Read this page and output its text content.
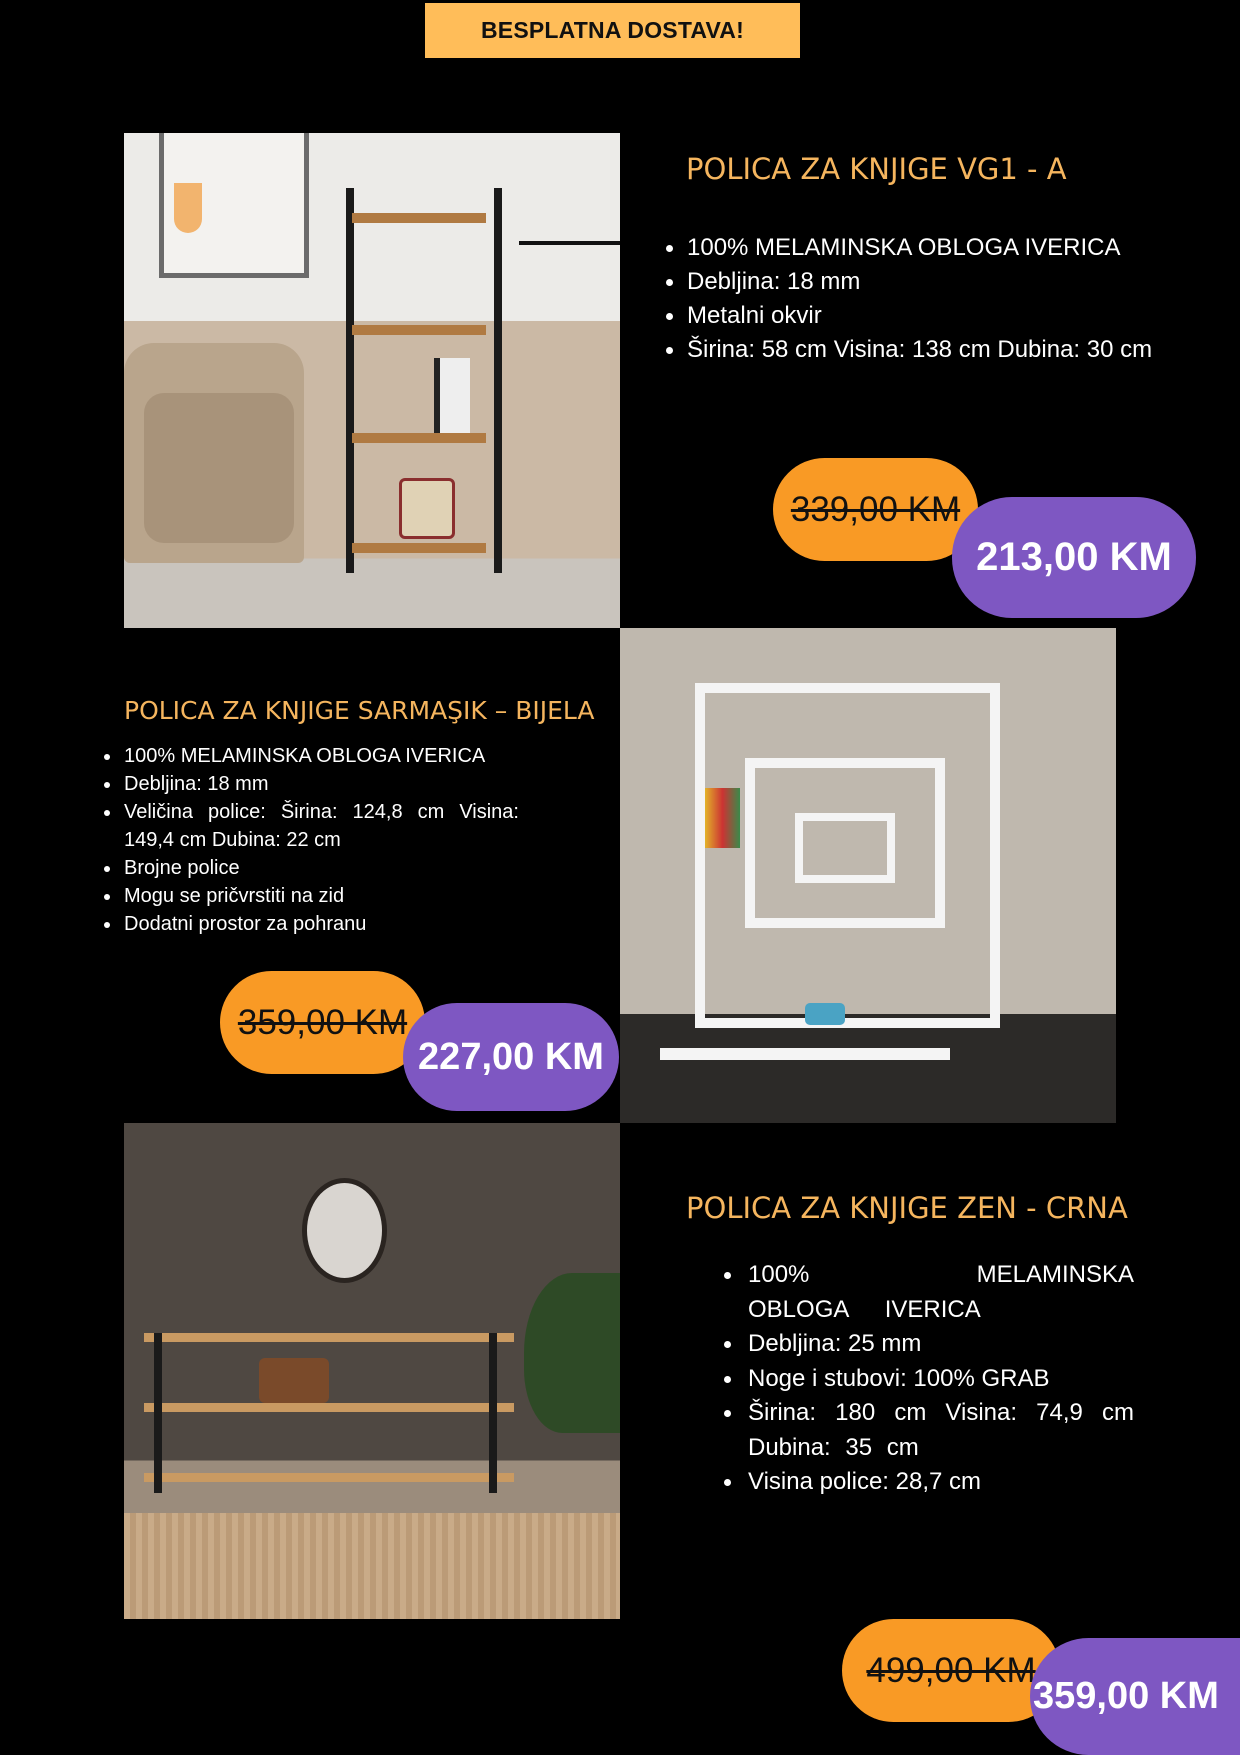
BESPLATNA DOSTAVA!
POLICA ZA KNJIGE VG1 - A
100% MELAMINSKA OBLOGA IVERICA
Debljina: 18 mm
Metalni okvir
Širina: 58 cm Visina: 138 cm Dubina: 30 cm
339,00 KM
213,00 KM
POLICA ZA KNJIGE SARMAŞIK – BIJELA
100% MELAMINSKA OBLOGA IVERICA
Debljina: 18 mm
Veličina police: Širina: 124,8 cm Visina: 149,4 cm Dubina: 22 cm
Brojne police
Mogu se pričvrstiti na zid
Dodatni prostor za pohranu
359,00 KM
227,00 KM
POLICA ZA KNJIGE ZEN - CRNA
100% MELAMINSKA OBLOGA IVERICA
Debljina: 25 mm
Noge i stubovi: 100% GRAB
Širina: 180 cm Visina: 74,9 cm Dubina: 35 cm
Visina police: 28,7 cm
499,00 KM
359,00 KM
